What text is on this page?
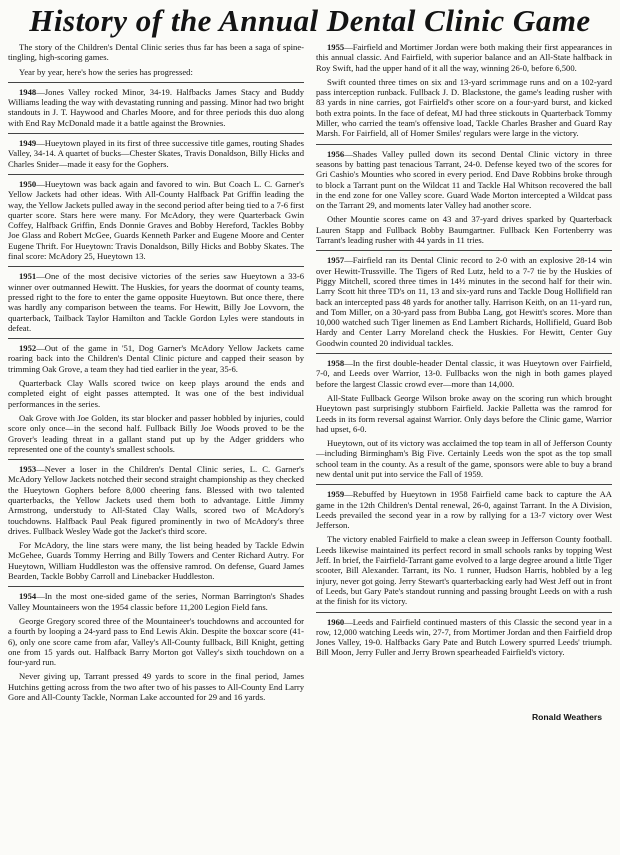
History of the Annual Dental Clinic Game

The story of the Children's Dental Clinic series thus far has been a saga of spine-tingling, high-scoring games.

Year by year, here's how the series has progressed:

1948—Jones Valley rocked Minor, 34-19. Halfbacks James Stacy and Buddy Williams leading the way with devastating running and passing. Minor had two bright standouts in J. T. Haywood and Charles Moore, and for three periods this duo along with End Ray McDonald made it a battle against the Brownies.

1949—Hueytown played in its first of three successive title games, routing Shades Valley, 34-14. A quartet of bucks—Chester Skates, Travis Donaldson, Billy Hicks and Charles Snider—made it easy for the Gophers.

1950—Hueytown was back again and favored to win. But Coach L. C. Garner's Yellow Jackets had other ideas. With All-County Halfback Pat Griffin leading the way, the Yellow Jackets pulled away in the second period after being tied to a 7-6 first quarter score. Stars here were many. For McAdory, they were Quarterback Gwin Coffey, Halfback Griffin, Ends Donnie Graves and Bobby Hereford, Tackles Bobby Joe Glass and Robert McGee, Guards Kenneth Parker and Eugene Moore and Center Eugene Thrift. For Hueytown: Travis Donaldson, Billy Hicks and Bobby Skates. The final score: McAdory 25, Hueytown 13.

1951—One of the most decisive victories of the series saw Hueytown a 33-6 winner over outmanned Hewitt. The Huskies, for years the doormat of county teams, pressed right to the fore to enter the game opposite Hueytown. But once there, there was hardly any comparison between the teams. For Hewitt, Billy Joe Lovvorn, the quarterback, Tailback Taylor Hamilton and Tackle Gordon Lyles were standouts in defeat.

1952—Out of the game in '51, Dog Garner's McAdory Yellow Jackets came roaring back into the Children's Dental Clinic picture and capped their season by trimming Oak Grove, a team they had tied earlier in the year, 35-6.

Quarterback Clay Walls scored twice on keep plays around the ends and completed eight of eight passes attempted. It was one of the best individual performances in the series.

Oak Grove with Joe Golden, its star blocker and passer hobbled by injuries, could score only once—in the second half. Fullback Billy Joe Woods proved to be the Grover's leading threat in a gallant stand put up by the Adger gridders who represented one of the county's smallest schools.

1953—Never a loser in the Children's Dental Clinic series, L. C. Garner's McAdory Yellow Jackets notched their second straight championship as they checked the Hueytown Gophers before 8,000 cheering fans. Blessed with two talented quarterbacks, the Yellow Jackets used them both to advantage. Little Jimmy Armstrong, understudy to All-Stated Clay Walls, scored two of McAdory's touchdowns. Halfback Paul Peak figured prominently in two of McAdory's three drives. Fullback Wesley Wade got the Jacket's third score.

For McAdory, the line stars were many, the list being headed by Tackle Edwin McGehee, Guards Tommy Herring and Billy Towers and Center Richard Autry. For Hueytown, William Huddleston was the offensive ramrod. On defense, Guard James Bearden, Tackle Bobby Carroll and Linebacker Huddleston.

1954—In the most one-sided game of the series, Norman Barrington's Shades Valley Mountaineers won the 1954 classic before 11,200 Legion Field fans.

George Gregory scored three of the Mountaineer's touchdowns and accounted for a fourth by looping a 24-yard pass to End Lewis Akin. Despite the boxcar score (41-6), only one score came from afar, Valley's All-County fullback, Bill Knight, getting one from 15 yards out. Halfback Barry Morton got Valley's sixth touchdown on a four-yard run.

Never giving up, Tarrant pressed 49 yards to score in the final period, James Hutchins getting across from the two after two of his passes to All-County End Larry Gore and All-County Tackle, Norman Lake accounted for 29 and 16 yards.

1955—Fairfield and Mortimer Jordan were both making their first appearances in this annual classic. And Fairfield, with superior balance and an All-State halfback in Roy Swift, had the upper hand of it all the way, winning 26-0, before 6,500.

Swift counted three times on six and 13-yard scrimmage runs and on a 102-yard pass interception runback. Fullback J. D. Blackstone, the game's leading rusher with 83 yards in nine carries, got Fairfield's other score on a four-yard burst, and kicked both extra points. In the face of defeat, MJ had three stickouts in Quarterback Tommy Miller, who carried the team's offensive load, Tackle Charles Brasher and Guard Ray Marsh. For Fairfield, all of Homer Smiles' regulars were large in the victory.

1956—Shades Valley pulled down its second Dental Clinic victory in three seasons by batting past tenacious Tarrant, 24-0. Defense keyed two of the scores for Gri Cashio's Mounties who scored in every period. End Dave Robbins broke through to block a Tarrant punt on the Wildcat 11 and Tackle Hal Whitson recovered the ball in the end zone for one Valley score. Guard Wade Morton intercepted a Wildcat pass on the Tarrant 29, and moments later Valley had another score.

Other Mountie scores came on 43 and 37-yard drives sparked by Quarterback Lauren Stapp and Fullback Bobby Baumgartner. Fullback Ken Fortenberry was Tarrant's leading rusher with 44 yards in 11 tries.

1957—Fairfield ran its Dental Clinic record to 2-0 with an explosive 28-14 win over Hewitt-Trussville. The Tigers of Red Lutz, held to a 7-7 tie by the Huskies of Piggy Mitchell, scored three times in 14½ minutes in the second half for their win. Larry Scott hit three TD's on 11, 13 and six-yard runs and Tackle Doug Hollifield ran back an intercepted pass 48 yards for another tally. Harrison Keith, on an 11-yard run, and Tom Miller, on a 30-yard pass from Bubba Lang, got Hewitt's scores. More than 10,000 watched such Tiger linemen as End Lambert Richards, Hollifield, Guard Bob Hardy and Center Larry Moreland check the Huskies. For Hewitt, Center Guy Goodwin counted 20 individual tackles.

1958—In the first double-header Dental classic, it was Hueytown over Fairfield, 7-0, and Leeds over Warrior, 13-0. Fullbacks won the nigh in both games played before the largest Classic crowd ever—more than 14,000.

All-State Fullback George Wilson broke away on the scoring run which brought Hueytown past surprisingly stubborn Fairfield. Jackie Palletta was the ramrod for Leeds in its form reversal against Warrior. Only days before the Clinic game, Warrior had upset, 6-0.

Hueytown, out of its victory was acclaimed the top team in all of Jefferson County—including Birmingham's Big Five. Certainly Leeds won the spot as the top small school team in the county. As a result of the game, sponsors were able to buy a brand new dental unit put into service the Fall of 1959.

1959—Rebuffed by Hueytown in 1958 Fairfield came back to capture the AA game in the 12th Children's Dental renewal, 26-0, against Tarrant. In the A Division, Leeds prevailed the second year in a row by rallying for a 13-7 victory over West Jefferson.

The victory enabled Fairfield to make a clean sweep in Jefferson County football. Leeds likewise maintained its perfect record in small schools ranks by topping West Jeff. In brief, the Fairfield-Tarrant game evolved to a large degree around a little Tiger scooter, Bill Alexander. Tarrant, its No. 1 runner, Hudson Harris, hobbled by a leg injury, never got going. Jerry Stewart's quarterbacking early had West Jeff out in front of Leeds, but Gary Pate's standout running and passing brought Leeds on with a rush at the finish for its victory.

1960—Leeds and Fairfield continued masters of this Classic the second year in a row, 12,000 watching Leeds win, 27-7, from Mortimer Jordan and then Fairfield drop Jones Valley, 19-0. Halfbacks Gary Pate and Butch Lowery spurred Leeds' triumph. Bill Moon, Jerry Fuller and Jerry Brown spearheaded Fairfield's victory.

Ronald Weathers
